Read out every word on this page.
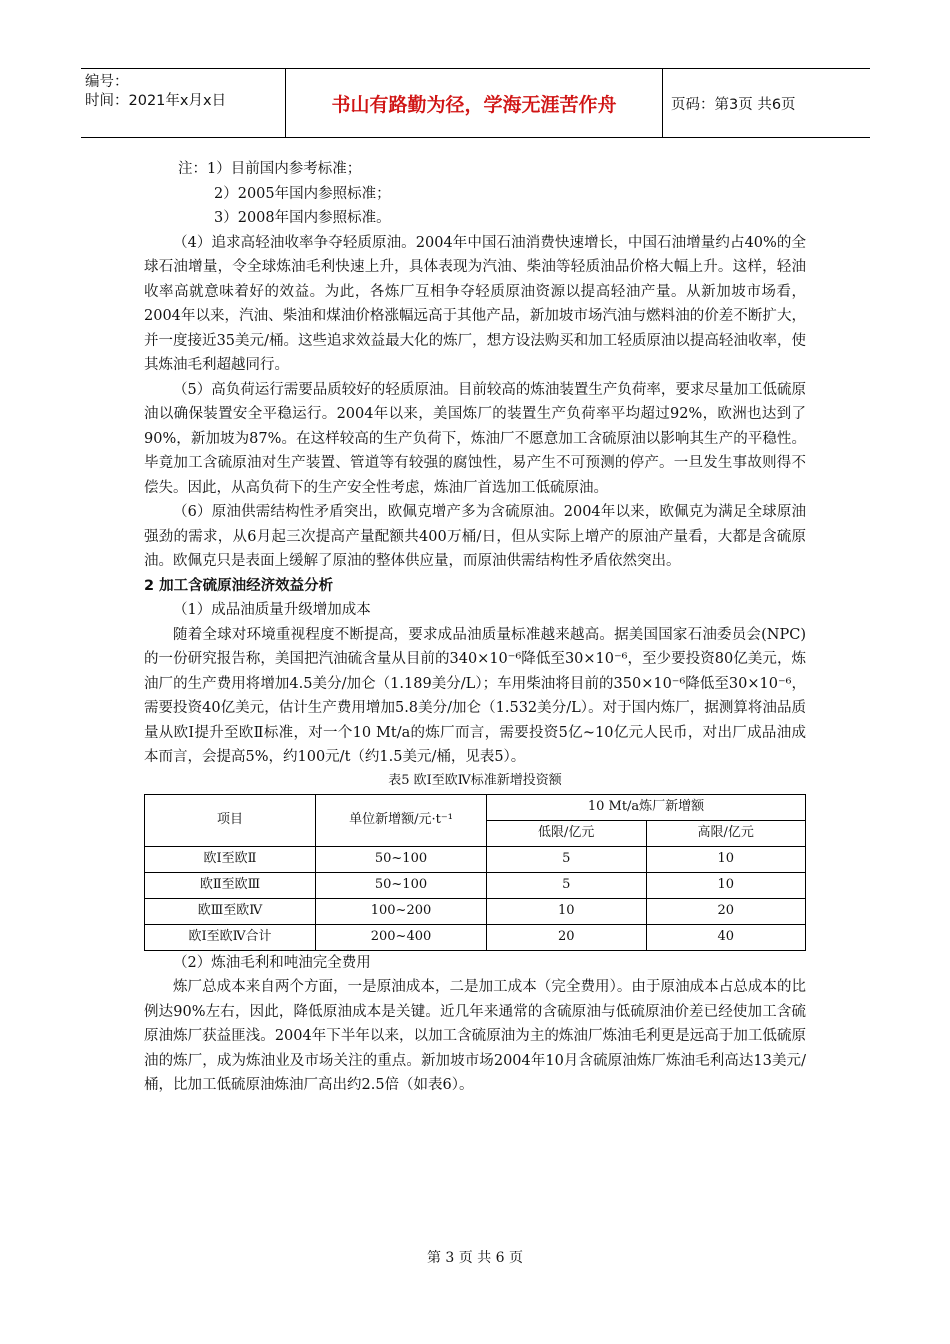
编号：
时间：2021年x月x日	书山有路勤为径，学海无涯苦作舟	页码：第3页 共6页
注：1）目前国内参考标准；
2）2005年国内参照标准；
3）2008年国内参照标准。

（4）追求高轻油收率争夺轻质原油。2004年中国石油消费快速增长，中国石油增量约占40%的全球石油增量，令全球炼油毛利快速上升，具体表现为汽油、柴油等轻质油品价格大幅上升。这样，轻油收率高就意味着好的效益。为此，各炼厂互相争夺轻质原油资源以提高轻油产量。从新加坡市场看，2004年以来，汽油、柴油和煤油价格涨幅远高于其他产品，新加坡市场汽油与燃料油的价差不断扩大，并一度接近35美元/桶。这些追求效益最大化的炼厂，想方设法购买和加工轻质原油以提高轻油收率，使其炼油毛利超越同行。

（5）高负荷运行需要品质较好的轻质原油。目前较高的炼油装置生产负荷率，要求尽量加工低硫原油以确保装置安全平稳运行。2004年以来，美国炼厂的装置生产负荷率平均超过92%，欧洲也达到了90%，新加坡为87%。在这样较高的生产负荷下，炼油厂不愿意加工含硫原油以影响其生产的平稳性。毕竟加工含硫原油对生产装置、管道等有较强的腐蚀性，易产生不可预测的停产。一旦发生事故则得不偿失。因此，从高负荷下的生产安全性考虑，炼油厂首选加工低硫原油。

（6）原油供需结构性矛盾突出，欧佩克增产多为含硫原油。2004年以来，欧佩克为满足全球原油强劲的需求，从6月起三次提高产量配额共400万桶/日，但从实际上增产的原油产量看，大都是含硫原油。欧佩克只是表面上缓解了原油的整体供应量，而原油供需结构性矛盾依然突出。

2 加工含硫原油经济效益分析
（1）成品油质量升级增加成本

随着全球对环境重视程度不断提高，要求成品油质量标准越来越高。据美国国家石油委员会(NPC)的一份研究报告称，美国把汽油硫含量从目前的340×10⁻⁶降低至30×10⁻⁶，至少要投资80亿美元，炼油厂的生产费用将增加4.5美分/加仑（1.189美分/L）；车用柴油将目前的350×10⁻⁶降低至30×10⁻⁶，需要投资40亿美元，估计生产费用增加5.8美分/加仑（1.532美分/L）。对于国内炼厂，据测算将油品质量从欧Ⅰ提升至欧Ⅱ标准，对一个10 Mt/a的炼厂而言，需要投资5亿~10亿元人民币，对出厂成品油成本而言，会提高5%，约100元/t（约1.5美元/桶，见表5）。

表5 欧Ⅰ至欧Ⅳ标准新增投资额
项目	单位新增额/元·t⁻¹	10 Mt/a炼厂新增额	
		低限/亿元	高限/亿元
欧Ⅰ至欧Ⅱ	50~100	5	10
欧Ⅱ至欧Ⅲ	50~100	5	10
欧Ⅲ至欧Ⅳ	100~200	10	20
欧Ⅰ至欧Ⅳ合计	200~400	20	40
（2）炼油毛利和吨油完全费用

炼厂总成本来自两个方面，一是原油成本，二是加工成本（完全费用）。由于原油成本占总成本的比例达90%左右，因此，降低原油成本是关键。近几年来通常的含硫原油与低硫原油价差已经使加工含硫原油炼厂获益匪浅。2004年下半年以来，以加工含硫原油为主的炼油厂炼油毛利更是远高于加工低硫原油的炼厂，成为炼油业及市场关注的重点。新加坡市场2004年10月含硫原油炼厂炼油毛利高达13美元/桶，比加工低硫原油炼油厂高出约2.5倍（如表6）。

第 3 页 共 6 页
